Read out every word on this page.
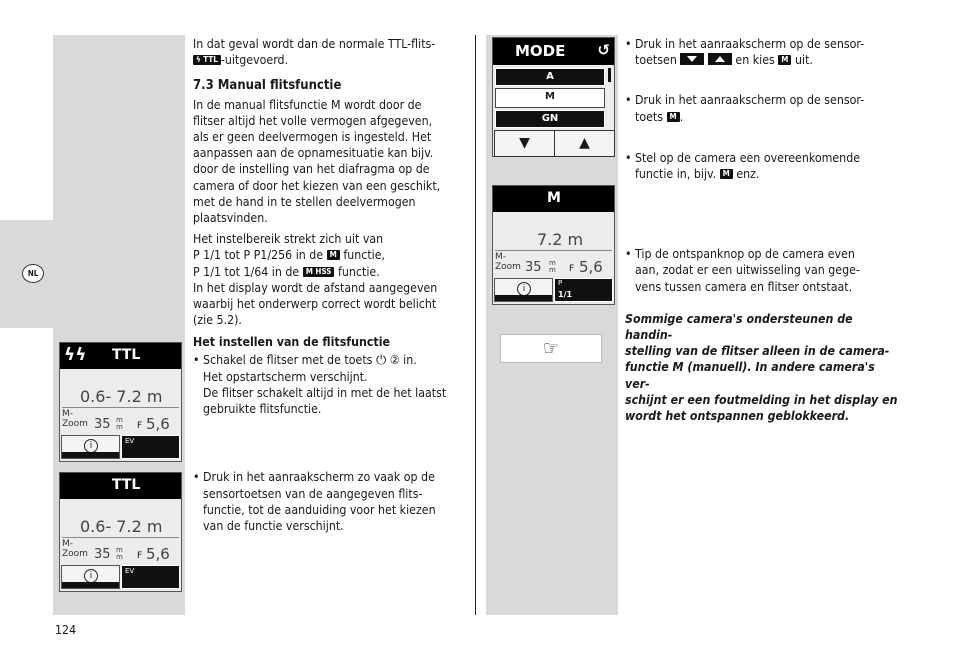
NL
ϟϟ TTL
0.6- 7.2 m
M-
Zoom 35 m m F 5,6
i	EV
TTL
0.6- 7.2 m
M-
Zoom 35 m m F 5,6
i	EV
In dat geval wordt dan de normale TTL-flits-
ϟ TTL -uitgevoerd.
7.3 Manual flitsfunctie
In de manual flitsfunctie M wordt door de
flitser altijd het volle vermogen afgegeven,
als er geen deelvermogen is ingesteld. Het
aanpassen aan de opnamesituatie kan bijv.
door de instelling van het diafragma op de
camera of door het kiezen van een geschikt,
met de hand in te stellen deelvermogen
plaatsvinden.
Het instelbereik strekt zich uit van
P 1/1 tot P P1/256 in de M functie,
P 1/1 tot 1/64 in de M HSS functie.
In het display wordt de afstand aangegeven
waarbij het onderwerp correct wordt belicht
(zie 5.2).
Het instellen van de flitsfunctie
• Schakel de flitser met de toets ⏻ ② in.
Het opstartscherm verschijnt.
De flitser schakelt altijd in met de het laatst
gebruikte flitsfunctie.
• Druk in het aanraakscherm zo vaak op de
sensortoetsen van de aangegeven flits-
functie, tot de aanduiding voor het kiezen
van de functie verschijnt.
MODE ↺
A
M
GN
▼	▲
M
7.2 m
M-
Zoom 35 m m F 5,6
i
P
1/1
☞
• Druk in het aanraakscherm op de sensor-
toetsen
	en kies M uit.
• Druk in het aanraakscherm op de sensor-
toets M .
• Stel op de camera een overeenkomende
functie in, bijv. M enz.
• Tip de ontspanknop op de camera even
aan, zodat er een uitwisseling van gege-
vens tussen camera en flitser ontstaat.
Sommige camera's ondersteunen de handin-
stelling van de flitser alleen in de camera-
functie M (manuell). In andere camera's ver-
schijnt er een foutmelding in het display en
wordt het ontspannen geblokkeerd.
124
